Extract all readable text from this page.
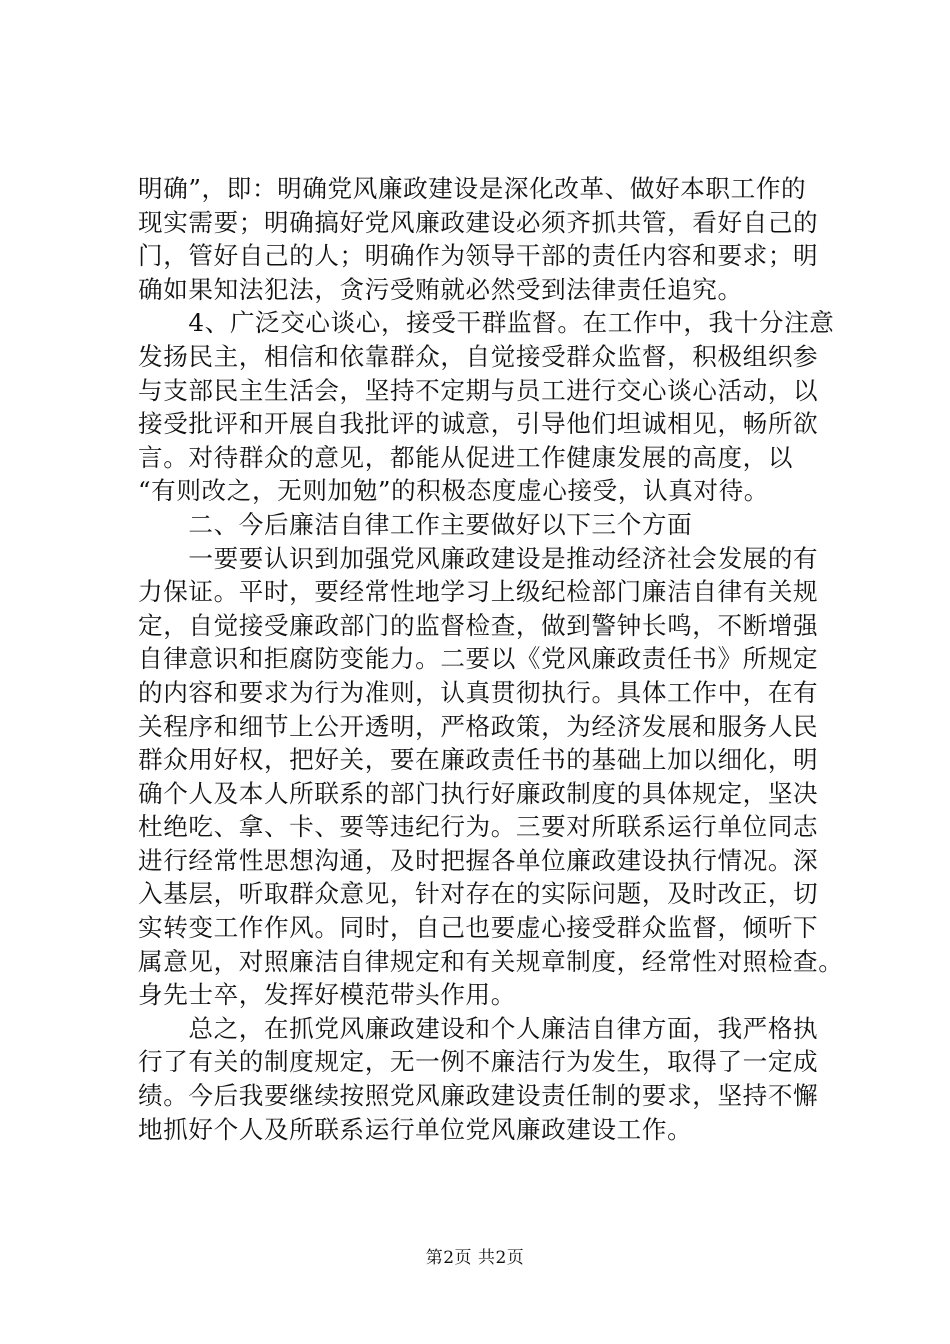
明确”，即：明确党风廉政建设是深化改革、做好本职工作的
现实需要；明确搞好党风廉政建设必须齐抓共管，看好自己的
门，管好自己的人；明确作为领导干部的责任内容和要求；明
确如果知法犯法，贪污受贿就必然受到法律责任追究。
　　4、广泛交心谈心，接受干群监督。在工作中，我十分注意
发扬民主，相信和依靠群众，自觉接受群众监督，积极组织参
与支部民主生活会，坚持不定期与员工进行交心谈心活动，以
接受批评和开展自我批评的诚意，引导他们坦诚相见，畅所欲
言。对待群众的意见，都能从促进工作健康发展的高度，以
“有则改之，无则加勉”的积极态度虚心接受，认真对待。
　　二、今后廉洁自律工作主要做好以下三个方面
　　一要要认识到加强党风廉政建设是推动经济社会发展的有
力保证。平时，要经常性地学习上级纪检部门廉洁自律有关规
定，自觉接受廉政部门的监督检查，做到警钟长鸣，不断增强
自律意识和拒腐防变能力。二要以《党风廉政责任书》所规定
的内容和要求为行为准则，认真贯彻执行。具体工作中，在有
关程序和细节上公开透明，严格政策，为经济发展和服务人民
群众用好权，把好关，要在廉政责任书的基础上加以细化，明
确个人及本人所联系的部门执行好廉政制度的具体规定，坚决
杜绝吃、拿、卡、要等违纪行为。三要对所联系运行单位同志
进行经常性思想沟通，及时把握各单位廉政建设执行情况。深
入基层，听取群众意见，针对存在的实际问题，及时改正，切
实转变工作作风。同时，自己也要虚心接受群众监督，倾听下
属意见，对照廉洁自律规定和有关规章制度，经常性对照检查。
身先士卒，发挥好模范带头作用。
　　总之，在抓党风廉政建设和个人廉洁自律方面，我严格执
行了有关的制度规定，无一例不廉洁行为发生，取得了一定成
绩。今后我要继续按照党风廉政建设责任制的要求，坚持不懈
地抓好个人及所联系运行单位党风廉政建设工作。
第2页 共2页
